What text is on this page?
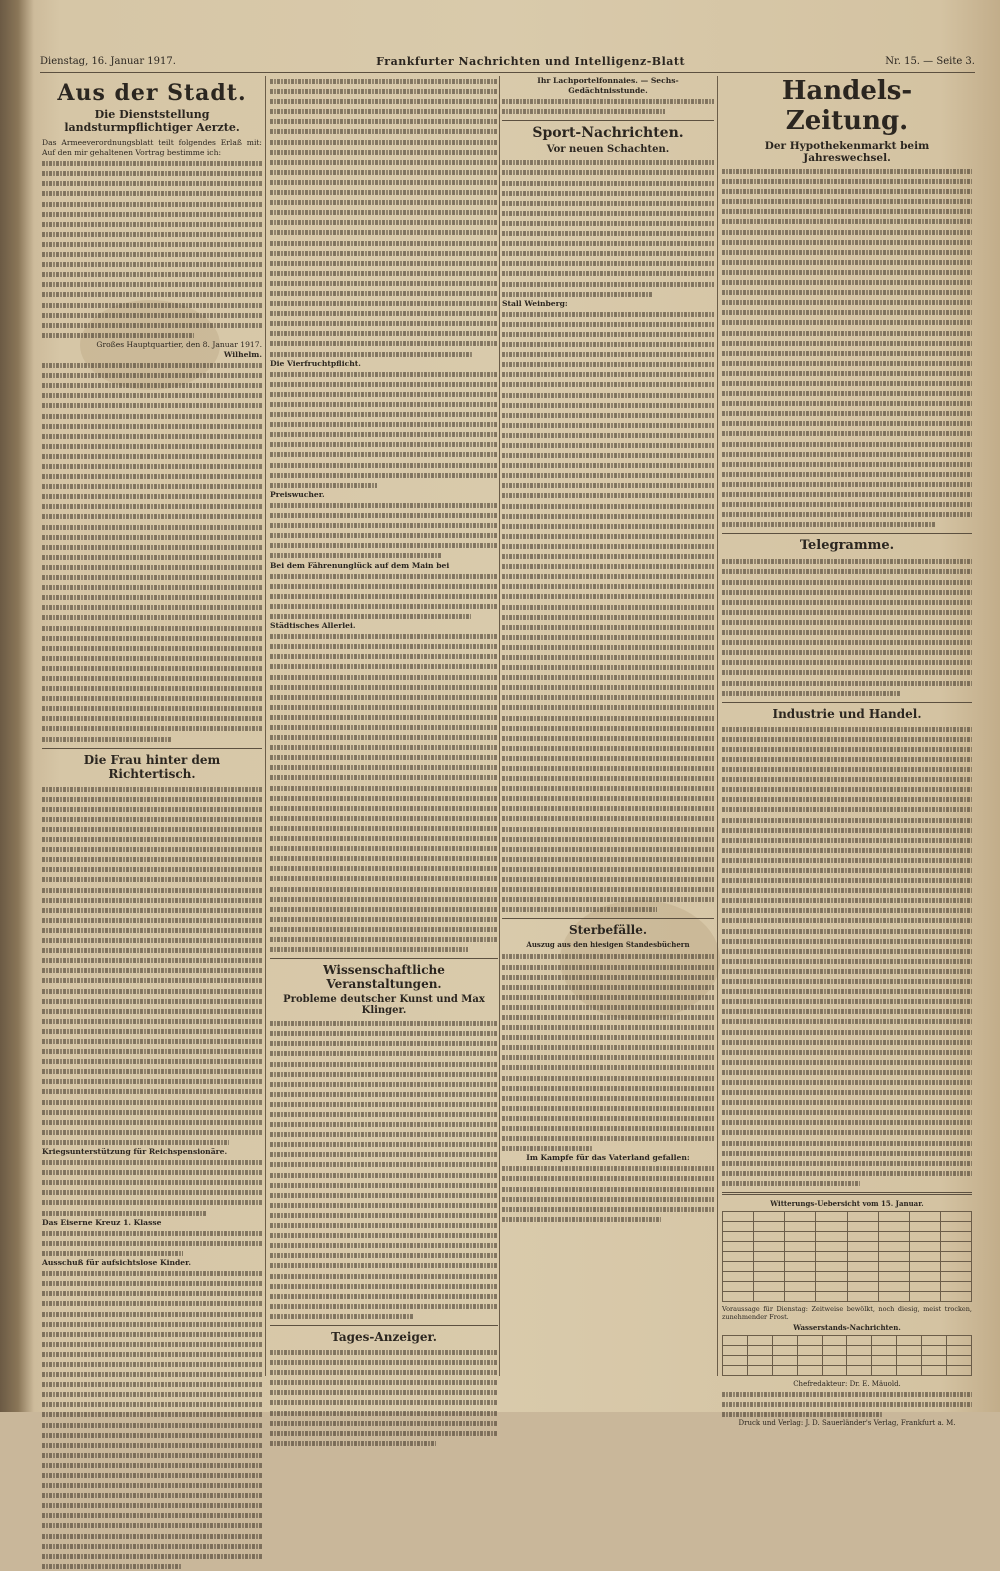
Dienstag, 16. Januar 1917.	Frankfurter Nachrichten und Intelligenz-Blatt	Nr. 15. — Seite 3.
Aus der Stadt.
Die Dienststellung landsturmpflichtiger Aerzte.

Das Armeeverordnungsblatt teilt folgendes Erlaß mit: Auf den mir gehaltenen Vortrag bestimme ich:

Großes Hauptquartier, den 8. Januar 1917.

Wilhelm.

Die Frau hinter dem Richtertisch.

Kriegsunterstützung für Reichspensionäre.

Das Eiserne Kreuz 1. Klasse

Ausschuß für aufsichtslose Kinder.

Die Vierfruchtpflicht.

Preiswucher.

Bei dem Fährenunglück auf dem Main bei

Städtisches Allerlei.

Wissenschaftliche Veranstaltungen.
Probleme deutscher Kunst und Max Klinger.
Tages-Anzeiger.

Ihr Lachportelfonnaies. — Sechs-Gedächtnisstunde.

Sport-Nachrichten.
Vor neuen Schachten.

Stall Weinberg:

Sterbefälle.
Auszug aus den hiesigen Standesbüchern

Im Kampfe für das Vaterland gefallen:

Handels-Zeitung.
Der Hypothekenmarkt beim Jahreswechsel.
Telegramme.
Industrie und Handel.
Witterungs-Uebersicht vom 15. Januar.

Voraussage für Dienstag: Zeitweise bewölkt, noch diesig, meist trocken, zunehmender Frost.

Wasserstands-Nachrichten.

Chefredakteur: Dr. E. Mäuold.
Druck und Verlag: J. D. Sauerländer's Verlag, Frankfurt a. M.
